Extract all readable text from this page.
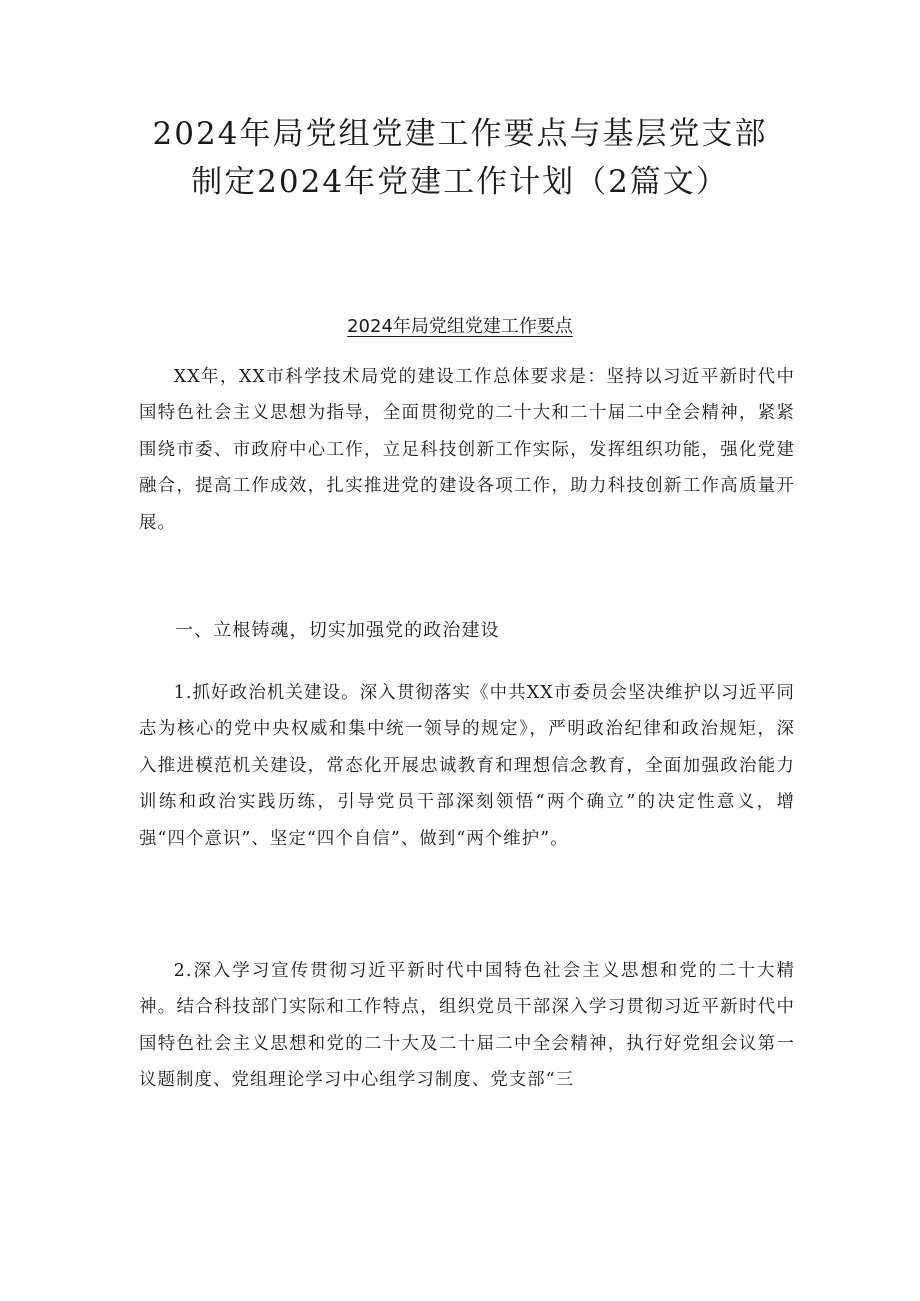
2024年局党组党建工作要点与基层党支部
制定2024年党建工作计划（2篇文）
2024年局党组党建工作要点

XX年，XX市科学技术局党的建设工作总体要求是：坚持以习近平新时代中国特色社会主义思想为指导，全面贯彻党的二十大和二十届二中全会精神，紧紧围绕市委、市政府中心工作，立足科技创新工作实际，发挥组织功能，强化党建融合，提高工作成效，扎实推进党的建设各项工作，助力科技创新工作高质量开展。

一、立根铸魂，切实加强党的政治建设

1.抓好政治机关建设。深入贯彻落实《中共XX市委员会坚决维护以习近平同志为核心的党中央权威和集中统一领导的规定》，严明政治纪律和政治规矩，深入推进模范机关建设，常态化开展忠诚教育和理想信念教育，全面加强政治能力训练和政治实践历练，引导党员干部深刻领悟“两个确立”的决定性意义，增强“四个意识”、坚定“四个自信”、做到“两个维护”。

2.深入学习宣传贯彻习近平新时代中国特色社会主义思想和党的二十大精神。结合科技部门实际和工作特点，组织党员干部深入学习贯彻习近平新时代中国特色社会主义思想和党的二十大及二十届二中全会精神，执行好党组会议第一议题制度、党组理论学习中心组学习制度、党支部“三
